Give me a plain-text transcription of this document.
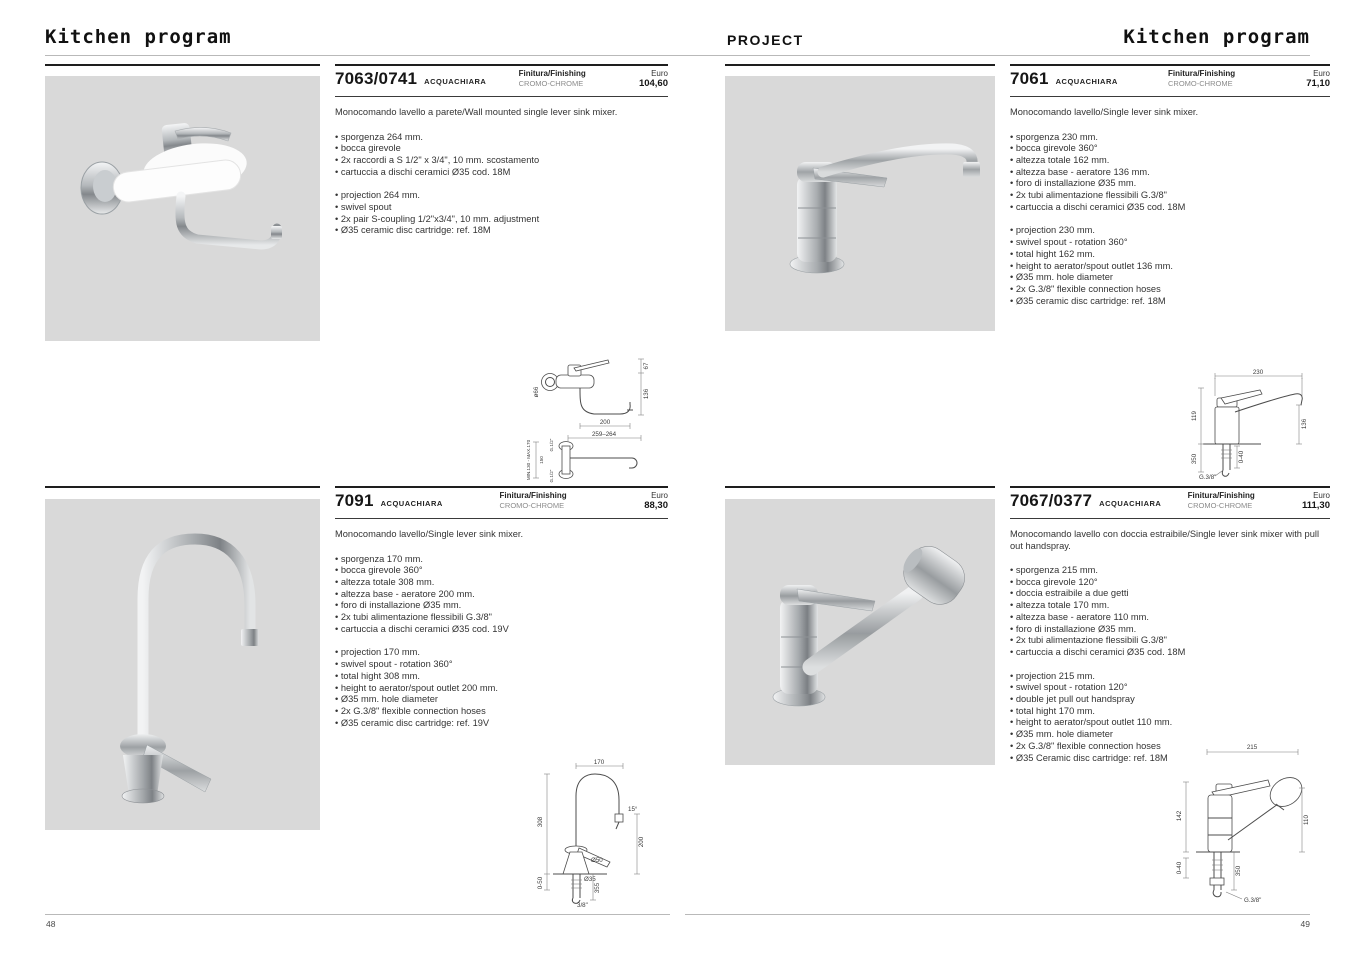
Kitchen program	PROJECT	Kitchen program
7063/0741 ACQUACHIARA
Finitura/Finishing
CROMO-CHROME
Euro
104,60

Monocomando lavello a parete/Wall mounted single lever sink mixer.

• sporgenza 264 mm.
• bocca girevole
• 2x raccordi a S 1/2" x 3/4", 10 mm. scostamento
• cartuccia a dischi ceramici Ø35 cod. 18M
• projection 264 mm.
• swivel spout
• 2x pair S-coupling 1/2"x3/4", 10 mm. adjustment
• Ø35 ceramic disc cartridge: ref. 18M
ø66
67
136
200
259–264
MIN.130 - MAX.170 150
G.1/2"
G.1/2"
7061 ACQUACHIARA
Finitura/Finishing
CROMO-CHROME
Euro
71,10

Monocomando lavello/Single lever sink mixer.

• sporgenza 230 mm.
• bocca girevole 360°
• altezza totale 162 mm.
• altezza base - aeratore 136 mm.
• foro di installazione Ø35 mm.
• 2x tubi alimentazione flessibili G.3/8"
• cartuccia a dischi ceramici Ø35 cod. 18M
• projection 230 mm.
• swivel spout - rotation 360°
• total hight 162 mm.
• height to aerator/spout outlet 136 mm.
• Ø35 mm. hole diameter
• 2x G.3/8" flexible connection hoses
• Ø35 ceramic disc cartridge: ref. 18M
230
119
136
350	0-40
G.3/8"
7091 ACQUACHIARA
Finitura/Finishing
CROMO-CHROME
Euro
88,30

Monocomando lavello/Single lever sink mixer.

• sporgenza 170 mm.
• bocca girevole 360°
• altezza totale 308 mm.
• altezza base - aeratore 200 mm.
• foro di installazione Ø35 mm.
• 2x tubi alimentazione flessibili G.3/8"
• cartuccia a dischi ceramici Ø35 cod. 19V
• projection 170 mm.
• swivel spout - rotation 360°
• total hight 308 mm.
• height to aerator/spout outlet 200 mm.
• Ø35 mm. hole diameter
• 2x G.3/8" flexible connection hoses
• Ø35 ceramic disc cartridge: ref. 19V
170
15°
308
200
Ø50
0-50	Ø35
355
3/8"
7067/0377 ACQUACHIARA
Finitura/Finishing
CROMO-CHROME
Euro
111,30

Monocomando lavello con doccia estraibile/Single lever sink mixer with pull out handspray.

• sporgenza 215 mm.
• bocca girevole 120°
• doccia estraibile a due getti
• altezza totale 170 mm.
• altezza base - aeratore 110 mm.
• foro di installazione Ø35 mm.
• 2x tubi alimentazione flessibili G.3/8"
• cartuccia a dischi ceramici Ø35 cod. 18M
• projection 215 mm.
• swivel spout - rotation 120°
• double jet pull out handspray
• total hight 170 mm.
• height to aerator/spout outlet 110 mm.
• Ø35 mm. hole diameter
• 2x G.3/8" flexible connection hoses
• Ø35 Ceramic disc cartridge: ref. 18M
215
142	110
0-40	350
G.3/8"
48	49
